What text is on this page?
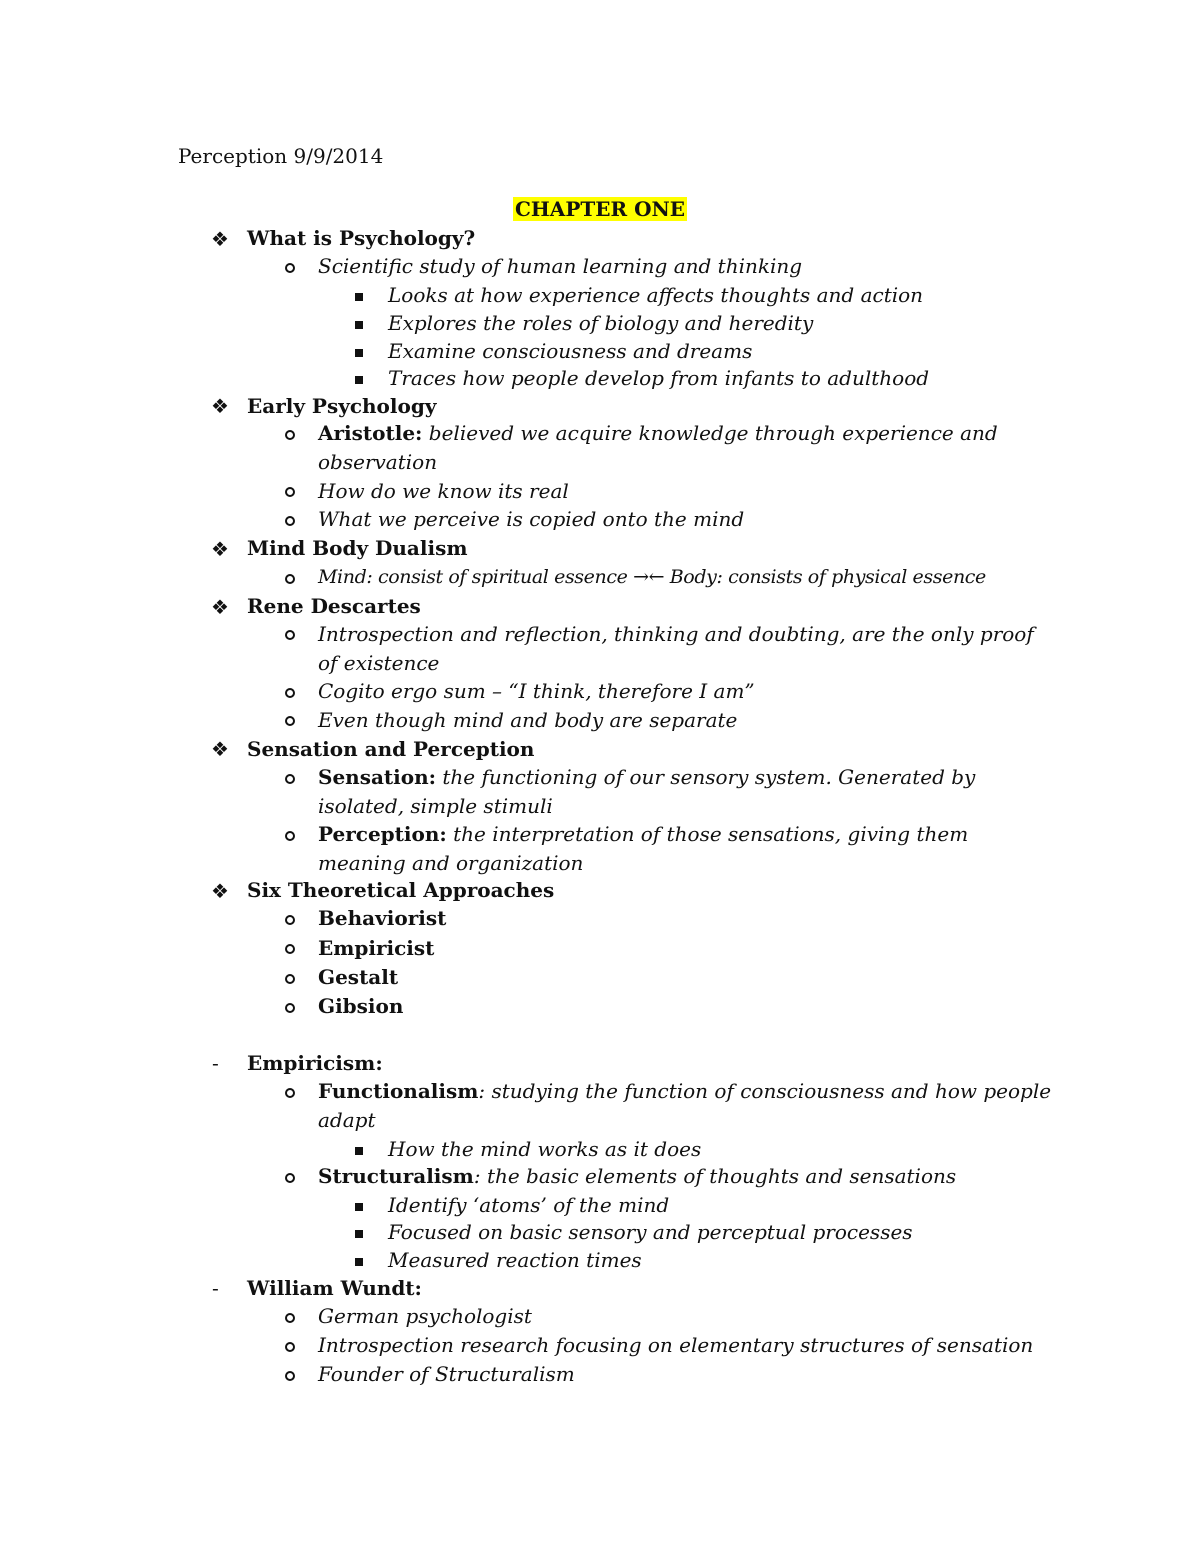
Perception 9/9/2014
CHAPTER ONE
❖ What is Psychology?
Scientific study of human learning and thinking
Looks at how experience affects thoughts and action
Explores the roles of biology and heredity
Examine consciousness and dreams
Traces how people develop from infants to adulthood
❖ Early Psychology
Aristotle: believed we acquire knowledge through experience and
observation
How do we know its real
What we perceive is copied onto the mind
❖ Mind Body Dualism
Mind: consist of spiritual essence →← Body: consists of physical essence
❖ Rene Descartes
Introspection and reflection, thinking and doubting, are the only proof
of existence
Cogito ergo sum – “I think, therefore I am”
Even though mind and body are separate
❖ Sensation and Perception
Sensation: the functioning of our sensory system. Generated by
isolated, simple stimuli
Perception: the interpretation of those sensations, giving them
meaning and organization
❖ Six Theoretical Approaches
Behaviorist
Empiricist
Gestalt
Gibsion
- Empiricism:
Functionalism: studying the function of consciousness and how people
adapt
How the mind works as it does
Structuralism: the basic elements of thoughts and sensations
Identify ‘atoms’ of the mind
Focused on basic sensory and perceptual processes
Measured reaction times
- William Wundt:
German psychologist
Introspection research focusing on elementary structures of sensation
Founder of Structuralism
